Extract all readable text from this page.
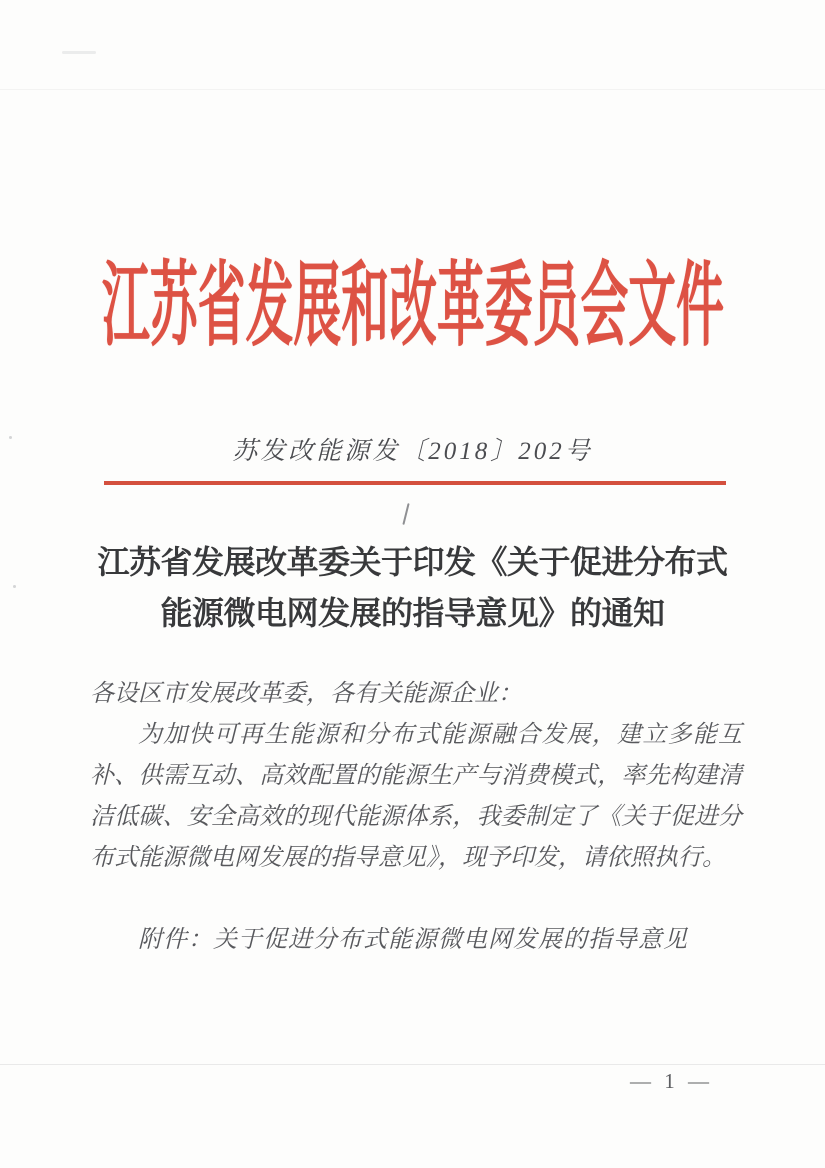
江苏省发展和改革委员会文件
苏发改能源发〔2018〕202号
江苏省发展改革委关于印发《关于促进分布式
能源微电网发展的指导意见》的通知
各设区市发展改革委，各有关能源企业：
为加快可再生能源和分布式能源融合发展，建立多能互补、供需互动、高效配置的能源生产与消费模式，率先构建清洁低碳、安全高效的现代能源体系，我委制定了《关于促进分布式能源微电网发展的指导意见》，现予印发，请依照执行。
附件：关于促进分布式能源微电网发展的指导意见
— 1 —
